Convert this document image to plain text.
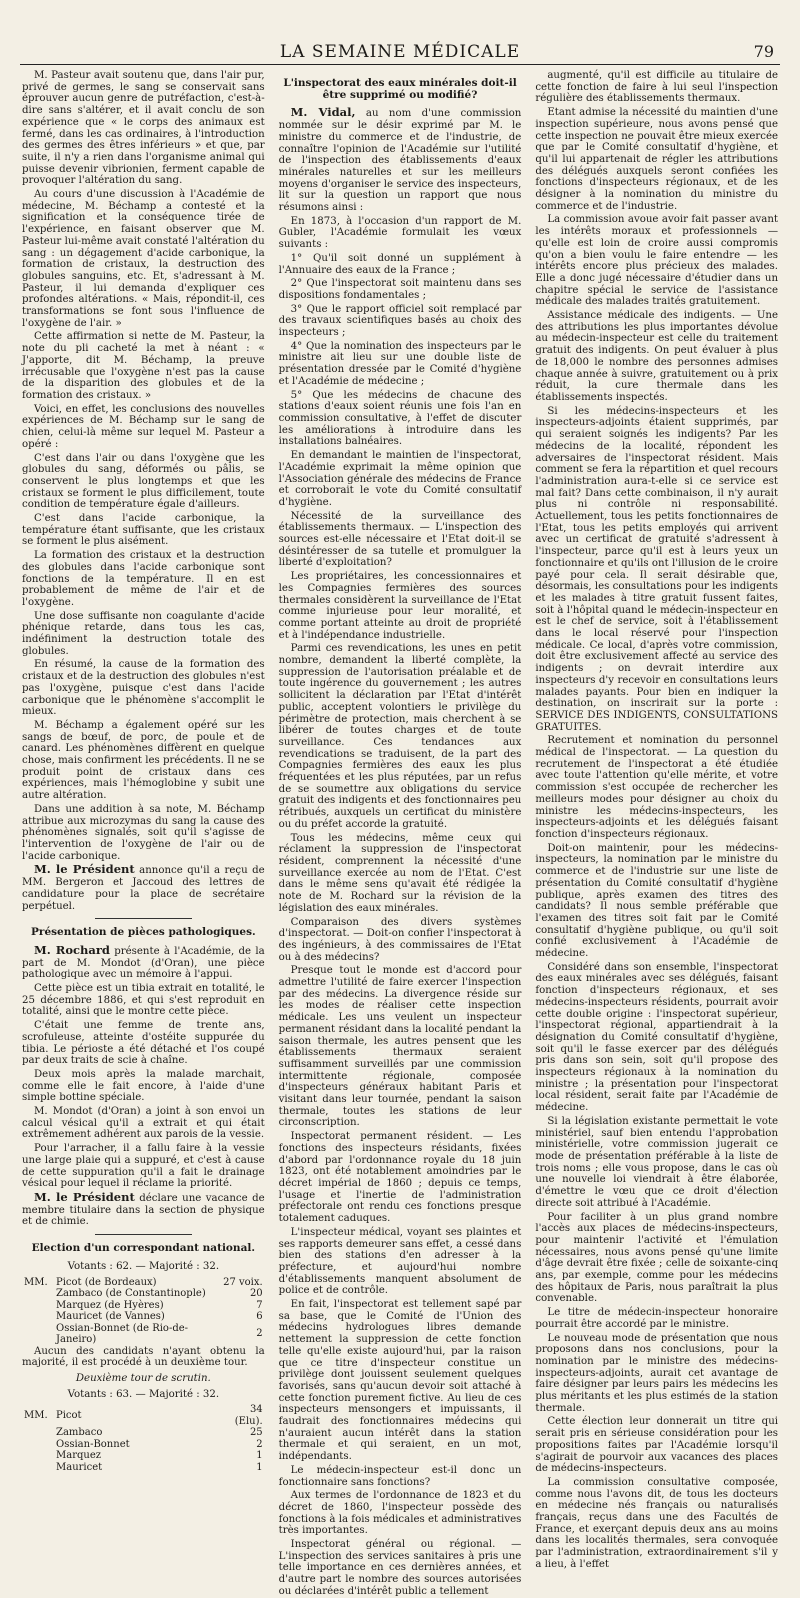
LA SEMAINE MÉDICALE	79

M. Pasteur avait soutenu que, dans l'air pur, privé de germes, le sang se conservait sans éprouver aucun genre de putréfaction, c'est-à-dire sans s'altérer, et il avait conclu de son expérience que « le corps des animaux est fermé, dans les cas ordinaires, à l'introduction des germes des êtres inférieurs » et que, par suite, il n'y a rien dans l'organisme animal qui puisse devenir vibrionien, ferment capable de provoquer l'altération du sang.

Au cours d'une discussion à l'Académie de médecine, M. Béchamp a contesté et la signification et la conséquence tirée de l'expérience, en faisant observer que M. Pasteur lui-même avait constaté l'altération du sang : un dégagement d'acide carbonique, la formation de cristaux, la destruction des globules sanguins, etc. Et, s'adressant à M. Pasteur, il lui demanda d'expliquer ces profondes altérations. « Mais, répondit-il, ces transformations se font sous l'influence de l'oxygène de l'air. »

Cette affirmation si nette de M. Pasteur, la note du pli cacheté la met à néant : « J'apporte, dit M. Béchamp, la preuve irrécusable que l'oxygène n'est pas la cause de la disparition des globules et de la formation des cristaux. »

Voici, en effet, les conclusions des nouvelles expériences de M. Béchamp sur le sang de chien, celui-là même sur lequel M. Pasteur a opéré :

C'est dans l'air ou dans l'oxygène que les globules du sang, déformés ou pâlis, se conservent le plus longtemps et que les cristaux se forment le plus difficilement, toute condition de température égale d'ailleurs.

C'est dans l'acide carbonique, la température étant suffisante, que les cristaux se forment le plus aisément.

La formation des cristaux et la destruction des globules dans l'acide carbonique sont fonctions de la température. Il en est probablement de même de l'air et de l'oxygène.

Une dose suffisante non coagulante d'acide phénique retarde, dans tous les cas, indéfiniment la destruction totale des globules.

En résumé, la cause de la formation des cristaux et de la destruction des globules n'est pas l'oxygène, puisque c'est dans l'acide carbonique que le phénomène s'accomplit le mieux.

M. Béchamp a également opéré sur les sangs de bœuf, de porc, de poule et de canard. Les phénomènes diffèrent en quelque chose, mais confirment les précédents. Il ne se produit point de cristaux dans ces expériences, mais l'hémoglobine y subit une autre altération.

Dans une addition à sa note, M. Béchamp attribue aux microzymas du sang la cause des phénomènes signalés, soit qu'il s'agisse de l'intervention de l'oxygène de l'air ou de l'acide carbonique.

M. le Président annonce qu'il a reçu de MM. Bergeron et Jaccoud des lettres de candidature pour la place de secrétaire perpétuel.

Présentation de pièces pathologiques.

M. Rochard présente à l'Académie, de la part de M. Mondot (d'Oran), une pièce pathologique avec un mémoire à l'appui.

Cette pièce est un tibia extrait en totalité, le 25 décembre 1886, et qui s'est reproduit en totalité, ainsi que le montre cette pièce.

C'était une femme de trente ans, scrofuleuse, atteinte d'ostéite suppurée du tibia. Le périoste a été détaché et l'os coupé par deux traits de scie à chaîne.

Deux mois après la malade marchait, comme elle le fait encore, à l'aide d'une simple bottine spéciale.

M. Mondot (d'Oran) a joint à son envoi un calcul vésical qu'il a extrait et qui était extrêmement adhérent aux parois de la vessie.

Pour l'arracher, il a fallu faire à la vessie une large plaie qui a suppuré, et c'est à cause de cette suppuration qu'il a fait le drainage vésical pour lequel il réclame la priorité.

M. le Président déclare une vacance de membre titulaire dans la section de physique et de chimie.

Election d'un correspondant national.
Votants : 62. — Majorité : 32.
MM.	Picot (de Bordeaux)	27 voix.
	Zambaco (de Constantinople)	20
	Marquez (de Hyères)	7
	Mauricet (de Vannes)	6
	Ossian-Bonnet (de Rio-de-Janeiro)	2

Aucun des candidats n'ayant obtenu la majorité, il est procédé à un deuxième tour.

Deuxième tour de scrutin.
Votants : 63. — Majorité : 32.
MM.	Picot	34 (Elu).
	Zambaco	25
	Ossian-Bonnet	2
	Marquez	1
	Mauricet	1
L'inspectorat des eaux minérales doit-il être supprimé ou modifié?

M. Vidal, au nom d'une commission nommée sur le désir exprimé par M. le ministre du commerce et de l'industrie, de connaître l'opinion de l'Académie sur l'utilité de l'inspection des établissements d'eaux minérales naturelles et sur les meilleurs moyens d'organiser le service des inspecteurs, lit sur la question un rapport que nous résumons ainsi :

En 1873, à l'occasion d'un rapport de M. Gubler, l'Académie formulait les vœux suivants :

1° Qu'il soit donné un supplément à l'Annuaire des eaux de la France ;

2° Que l'inspectorat soit maintenu dans ses dispositions fondamentales ;

3° Que le rapport officiel soit remplacé par des travaux scientifiques basés au choix des inspecteurs ;

4° Que la nomination des inspecteurs par le ministre ait lieu sur une double liste de présentation dressée par le Comité d'hygiène et l'Académie de médecine ;

5° Que les médecins de chacune des stations d'eaux soient réunis une fois l'an en commission consultative, à l'effet de discuter les améliorations à introduire dans les installations balnéaires.

En demandant le maintien de l'inspectorat, l'Académie exprimait la même opinion que l'Association générale des médecins de France et corroborait le vote du Comité consultatif d'hygiène.

Nécessité de la surveillance des établissements thermaux. — L'inspection des sources est-elle nécessaire et l'Etat doit-il se désintéresser de sa tutelle et promulguer la liberté d'exploitation?

Les propriétaires, les concessionnaires et les Compagnies fermières des sources thermales considèrent la surveillance de l'Etat comme injurieuse pour leur moralité, et comme portant atteinte au droit de propriété et à l'indépendance industrielle.

Parmi ces revendications, les unes en petit nombre, demandent la liberté complète, la suppression de l'autorisation préalable et de toute ingérence du gouvernement ; les autres sollicitent la déclaration par l'Etat d'intérêt public, acceptent volontiers le privilège du périmètre de protection, mais cherchent à se libérer de toutes charges et de toute surveillance. Ces tendances aux revendications se traduisent, de la part des Compagnies fermières des eaux les plus fréquentées et les plus réputées, par un refus de se soumettre aux obligations du service gratuit des indigents et des fonctionnaires peu rétribués, auxquels un certificat du ministère ou du préfet accorde la gratuité.

Tous les médecins, même ceux qui réclament la suppression de l'inspectorat résident, comprennent la nécessité d'une surveillance exercée au nom de l'Etat. C'est dans le même sens qu'avait été rédigée la note de M. Rochard sur la révision de la législation des eaux minérales.

Comparaison des divers systèmes d'inspectorat. — Doit-on confier l'inspectorat à des ingénieurs, à des commissaires de l'Etat ou à des médecins?

Presque tout le monde est d'accord pour admettre l'utilité de faire exercer l'inspection par des médecins. La divergence réside sur les modes de réaliser cette inspection médicale. Les uns veulent un inspecteur permanent résidant dans la localité pendant la saison thermale, les autres pensent que les établissements thermaux seraient suffisamment surveillés par une commission intermittente régionale, composée d'inspecteurs généraux habitant Paris et visitant dans leur tournée, pendant la saison thermale, toutes les stations de leur circonscription.

Inspectorat permanent résident. — Les fonctions des inspecteurs résidants, fixées d'abord par l'ordonnance royale du 18 juin 1823, ont été notablement amoindries par le décret impérial de 1860 ; depuis ce temps, l'usage et l'inertie de l'administration préfectorale ont rendu ces fonctions presque totalement caduques.

L'inspecteur médical, voyant ses plaintes et ses rapports demeurer sans effet, a cessé dans bien des stations d'en adresser à la préfecture, et aujourd'hui nombre d'établissements manquent absolument de police et de contrôle.

En fait, l'inspectorat est tellement sapé par sa base, que le Comité de l'Union des médecins hydrologues libres demande nettement la suppression de cette fonction telle qu'elle existe aujourd'hui, par la raison que ce titre d'inspecteur constitue un privilège dont jouissent seulement quelques favorisés, sans qu'aucun devoir soit attaché à cette fonction purement fictive. Au lieu de ces inspecteurs mensongers et impuissants, il faudrait des fonctionnaires médecins qui n'auraient aucun intérêt dans la station thermale et qui seraient, en un mot, indépendants.

Le médecin-inspecteur est-il donc un fonctionnaire sans fonctions?

Aux termes de l'ordonnance de 1823 et du décret de 1860, l'inspecteur possède des fonctions à la fois médicales et administratives très importantes.

Inspectorat général ou régional. — L'inspection des services sanitaires à pris une telle importance en ces dernières années, et d'autre part le nombre des sources autorisées ou déclarées d'intérêt public a tellement

augmenté, qu'il est difficile au titulaire de cette fonction de faire à lui seul l'inspection régulière des établissements thermaux.

Etant admise la nécessité du maintien d'une inspection supérieure, nous avons pensé que cette inspection ne pouvait être mieux exercée que par le Comité consultatif d'hygiène, et qu'il lui appartenait de régler les attributions des délégués auxquels seront confiées les fonctions d'inspecteurs régionaux, et de les désigner à la nomination du ministre du commerce et de l'industrie.

La commission avoue avoir fait passer avant les intérêts moraux et professionnels — qu'elle est loin de croire aussi compromis qu'on a bien voulu le faire entendre — les intérêts encore plus précieux des malades. Elle a donc jugé nécessaire d'étudier dans un chapitre spécial le service de l'assistance médicale des malades traités gratuitement.

Assistance médicale des indigents. — Une des attributions les plus importantes dévolue au médecin-inspecteur est celle du traitement gratuit des indigents. On peut évaluer à plus de 18,000 le nombre des personnes admises chaque année à suivre, gratuitement ou à prix réduit, la cure thermale dans les établissements inspectés.

Si les médecins-inspecteurs et les inspecteurs-adjoints étaient supprimés, par qui seraient soignés les indigents? Par les médecins de la localité, répondent les adversaires de l'inspectorat résident. Mais comment se fera la répartition et quel recours l'administration aura-t-elle si ce service est mal fait? Dans cette combinaison, il n'y aurait plus ni contrôle ni responsabilité. Actuellement, tous les petits fonctionnaires de l'Etat, tous les petits employés qui arrivent avec un certificat de gratuité s'adressent à l'inspecteur, parce qu'il est à leurs yeux un fonctionnaire et qu'ils ont l'illusion de le croire payé pour cela. Il serait désirable que, désormais, les consultations pour les indigents et les malades à titre gratuit fussent faites, soit à l'hôpital quand le médecin-inspecteur en est le chef de service, soit à l'établissement dans le local réservé pour l'inspection médicale. Ce local, d'après votre commission, doit être exclusivement affecté au service des indigents ; on devrait interdire aux inspecteurs d'y recevoir en consultations leurs malades payants. Pour bien en indiquer la destination, on inscrirait sur la porte : SERVICE DES INDIGENTS, CONSULTATIONS GRATUITES.

Recrutement et nomination du personnel médical de l'inspectorat. — La question du recrutement de l'inspectorat a été étudiée avec toute l'attention qu'elle mérite, et votre commission s'est occupée de rechercher les meilleurs modes pour désigner au choix du ministre les médecins-inspecteurs, les inspecteurs-adjoints et les délégués faisant fonction d'inspecteurs régionaux.

Doit-on maintenir, pour les médecins-inspecteurs, la nomination par le ministre du commerce et de l'industrie sur une liste de présentation du Comité consultatif d'hygiène publique, après examen des titres des candidats? Il nous semble préférable que l'examen des titres soit fait par le Comité consultatif d'hygiène publique, ou qu'il soit confié exclusivement à l'Académie de médecine.

Considéré dans son ensemble, l'inspectorat des eaux minérales avec ses délégués, faisant fonction d'inspecteurs régionaux, et ses médecins-inspecteurs résidents, pourrait avoir cette double origine : l'inspectorat supérieur, l'inspectorat régional, appartiendrait à la désignation du Comité consultatif d'hygiène, soit qu'il le fasse exercer par des délégués pris dans son sein, soit qu'il propose des inspecteurs régionaux à la nomination du ministre ; la présentation pour l'inspectorat local résident, serait faite par l'Académie de médecine.

Si la législation existante permettait le vote ministériel, sauf bien entendu l'approbation ministérielle, votre commission jugerait ce mode de présentation préférable à la liste de trois noms ; elle vous propose, dans le cas où une nouvelle loi viendrait à être élaborée, d'émettre le vœu que ce droit d'élection directe soit attribué à l'Académie.

Pour faciliter à un plus grand nombre l'accès aux places de médecins-inspecteurs, pour maintenir l'activité et l'émulation nécessaires, nous avons pensé qu'une limite d'âge devrait être fixée ; celle de soixante-cinq ans, par exemple, comme pour les médecins des hôpitaux de Paris, nous paraîtrait la plus convenable.

Le titre de médecin-inspecteur honoraire pourrait être accordé par le ministre.

Le nouveau mode de présentation que nous proposons dans nos conclusions, pour la nomination par le ministre des médecins-inspecteurs-adjoints, aurait cet avantage de faire désigner par leurs pairs les médecins les plus méritants et les plus estimés de la station thermale.

Cette élection leur donnerait un titre qui serait pris en sérieuse considération pour les propositions faites par l'Académie lorsqu'il s'agirait de pourvoir aux vacances des places de médecins-inspecteurs.

La commission consultative composée, comme nous l'avons dit, de tous les docteurs en médecine nés français ou naturalisés français, reçus dans une des Facultés de France, et exerçant depuis deux ans au moins dans les localités thermales, sera convoquée par l'administration, extraordinairement s'il y a lieu, à l'effet
